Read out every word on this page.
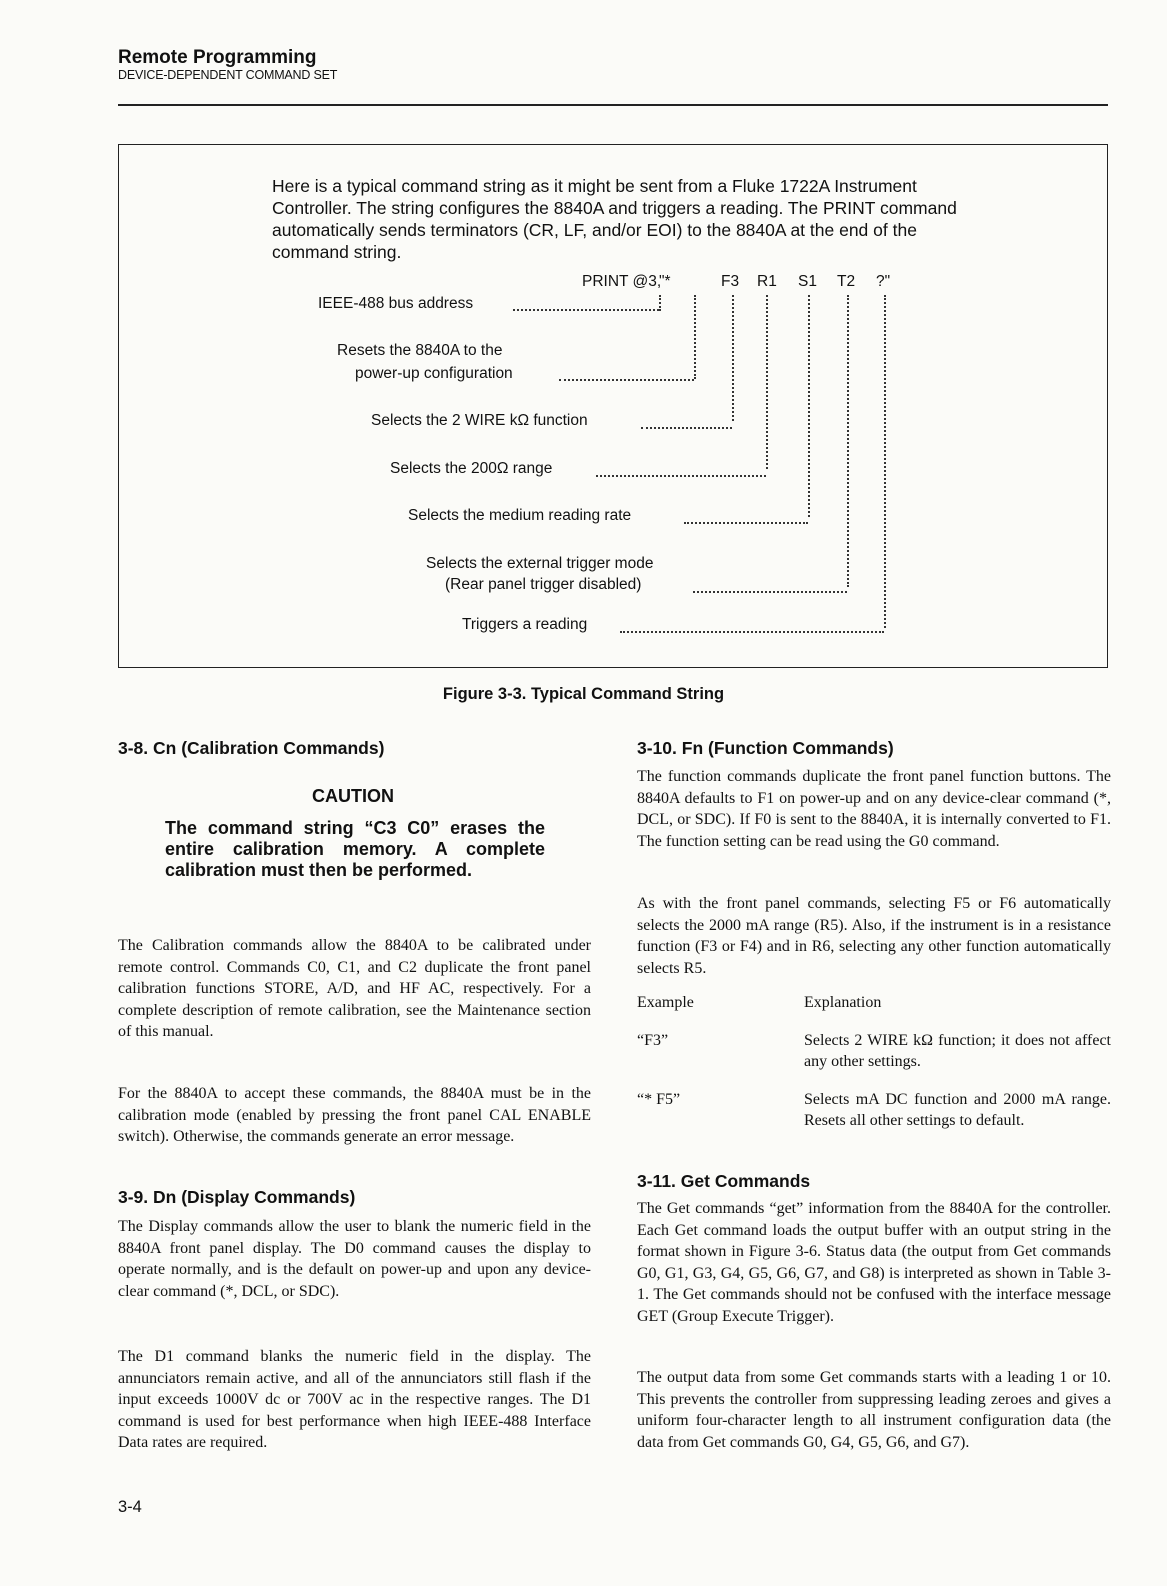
Remote Programming
DEVICE-DEPENDENT COMMAND SET

Here is a typical command string as it might be sent from a Fluke 1722A Instrument Controller. The string configures the 8840A and triggers a reading. The PRINT command automatically sends terminators (CR, LF, and/or EOI) to the 8840A at the end of the command string.

PRINT @3,
"*	F3 R1 S1 T2 ?"
IEEE-488 bus address
Resets the 8840A to the
power-up configuration
Selects the 2 WIRE kΩ function
Selects the 200Ω range
Selects the medium reading rate
Selects the external trigger mode
(Rear panel trigger disabled)
Triggers a reading
Figure 3-3. Typical Command String
3-8. Cn (Calibration Commands)
CAUTION
The command string “C3 C0” erases the entire calibration memory. A complete calibration must then be performed.

The Calibration commands allow the 8840A to be calibrated under remote control. Commands C0, C1, and C2 duplicate the front panel calibration functions STORE, A/D, and HF AC, respectively. For a complete description of remote calibration, see the Maintenance section of this manual.

For the 8840A to accept these commands, the 8840A must be in the calibration mode (enabled by pressing the front panel CAL ENABLE switch). Otherwise, the commands generate an error message.

3-9. Dn (Display Commands)

The Display commands allow the user to blank the numeric field in the 8840A front panel display. The D0 command causes the display to operate normally, and is the default on power-up and upon any device-clear command (*, DCL, or SDC).

The D1 command blanks the numeric field in the display. The annunciators remain active, and all of the annunciators still flash if the input exceeds 1000V dc or 700V ac in the respective ranges. The D1 command is used for best performance when high IEEE-488 Interface Data rates are required.

3-10. Fn (Function Commands)

The function commands duplicate the front panel function buttons. The 8840A defaults to F1 on power-up and on any device-clear command (*, DCL, or SDC). If F0 is sent to the 8840A, it is internally converted to F1. The function setting can be read using the G0 command.

As with the front panel commands, selecting F5 or F6 automatically selects the 2000 mA range (R5). Also, if the instrument is in a resistance function (F3 or F4) and in R6, selecting any other function automatically selects R5.

Example	Explanation
“F3”	Selects 2 WIRE kΩ function; it does not affect any other settings.
“* F5”	Selects mA DC function and 2000 mA range. Resets all other settings to default.
3-11. Get Commands

The Get commands “get” information from the 8840A for the controller. Each Get command loads the output buffer with an output string in the format shown in Figure 3-6. Status data (the output from Get commands G0, G1, G3, G4, G5, G6, G7, and G8) is interpreted as shown in Table 3-1. The Get commands should not be confused with the interface message GET (Group Execute Trigger).

The output data from some Get commands starts with a leading 1 or 10. This prevents the controller from suppressing leading zeroes and gives a uniform four-character length to all instrument configuration data (the data from Get commands G0, G4, G5, G6, and G7).

3-4
